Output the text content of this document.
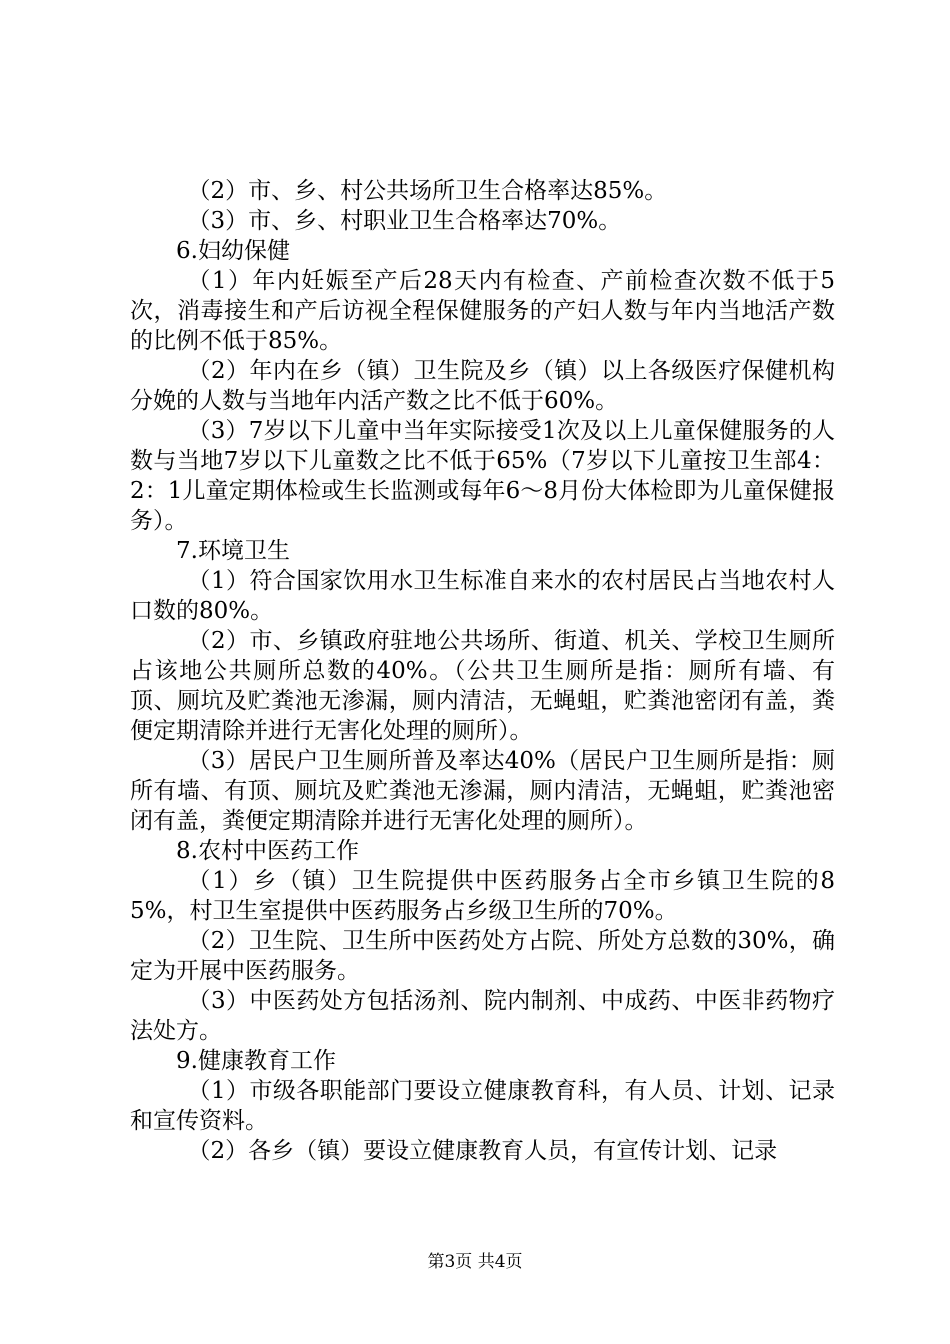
（2）市、乡、村公共场所卫生合格率达85%。

（3）市、乡、村职业卫生合格率达70%。

6.妇幼保健

（1）年内妊娠至产后28天内有检查、产前检查次数不低于5次，消毒接生和产后访视全程保健服务的产妇人数与年内当地活产数的比例不低于85%。

（2）年内在乡（镇）卫生院及乡（镇）以上各级医疗保健机构分娩的人数与当地年内活产数之比不低于60%。

（3）7岁以下儿童中当年实际接受1次及以上儿童保健服务的人数与当地7岁以下儿童数之比不低于65%（7岁以下儿童按卫生部4：2：1儿童定期体检或生长监测或每年6～8月份大体检即为儿童保健报务）。

7.环境卫生

（1）符合国家饮用水卫生标准自来水的农村居民占当地农村人口数的80%。

（2）市、乡镇政府驻地公共场所、街道、机关、学校卫生厕所占该地公共厕所总数的40%。（公共卫生厕所是指：厕所有墙、有顶、厕坑及贮粪池无渗漏，厕内清洁，无蝇蛆，贮粪池密闭有盖，粪便定期清除并进行无害化处理的厕所）。

（3）居民户卫生厕所普及率达40%（居民户卫生厕所是指：厕所有墙、有顶、厕坑及贮粪池无渗漏，厕内清洁，无蝇蛆，贮粪池密闭有盖，粪便定期清除并进行无害化处理的厕所）。

8.农村中医药工作

（1）乡（镇）卫生院提供中医药服务占全市乡镇卫生院的85%，村卫生室提供中医药服务占乡级卫生所的70%。

（2）卫生院、卫生所中医药处方占院、所处方总数的30%，确定为开展中医药服务。

（3）中医药处方包括汤剂、院内制剂、中成药、中医非药物疗法处方。

9.健康教育工作

（1）市级各职能部门要设立健康教育科，有人员、计划、记录和宣传资料。

（2）各乡（镇）要设立健康教育人员，有宣传计划、记录

第3页 共4页
